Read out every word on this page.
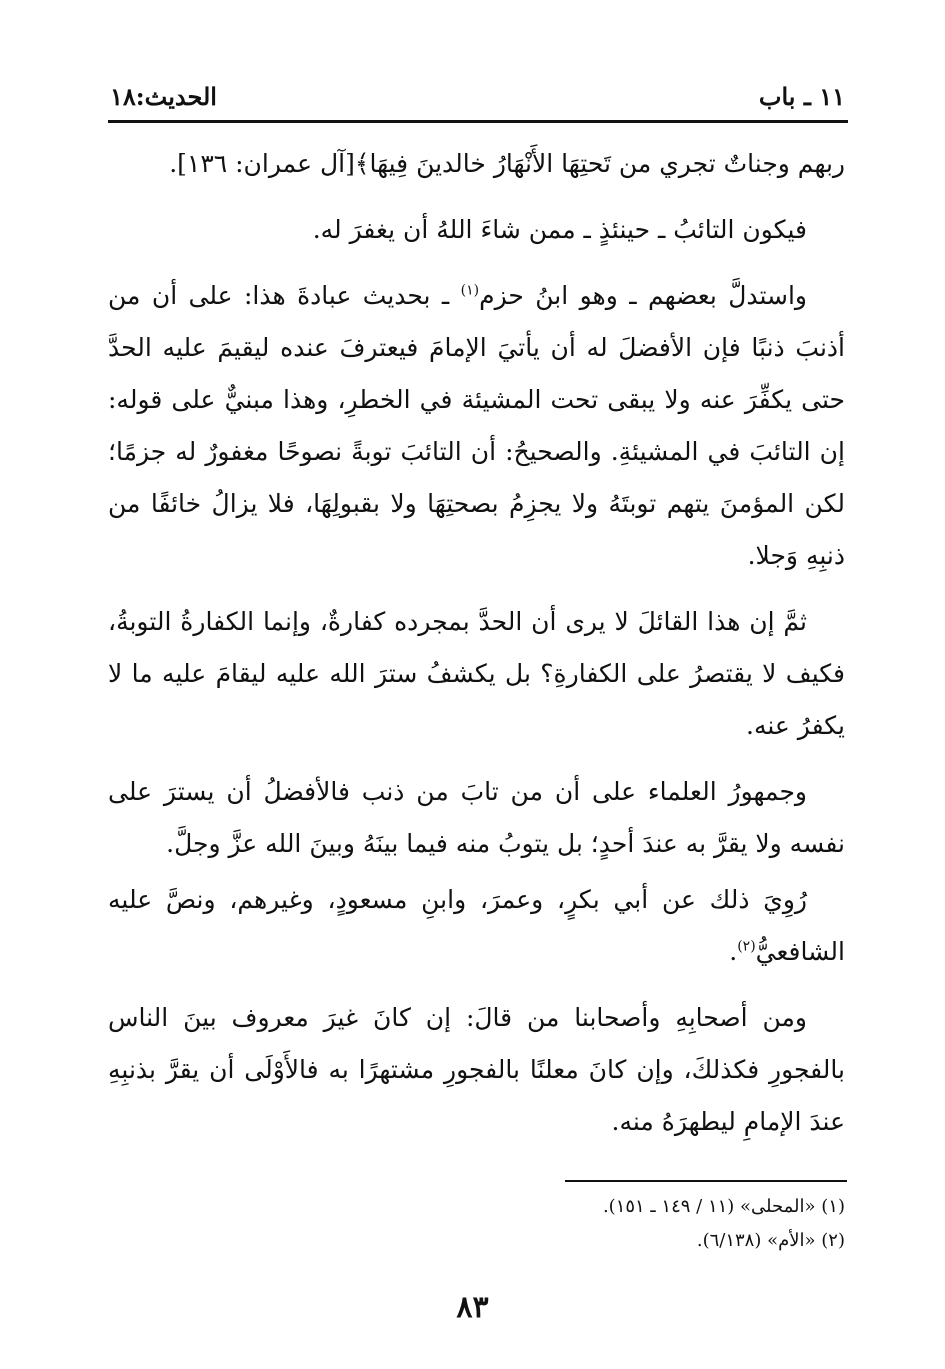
١١ ـ باب
الحديث:١٨

ربهم وجناتٌ تجري من تَحتِهَا الأَنْهَارُ خالدينَ فِيهَا﴾[آل عمران: ١٣٦].

فيكون التائبُ ـ حينئذٍ ـ ممن شاءَ اللهُ أن يغفرَ له.

واستدلَّ بعضهم ـ وهو ابنُ حزم$^{(١)}$ ـ بحديث عبادةَ هذا: على أن من أذنبَ ذنبًا فإن الأفضلَ له أن يأتيَ الإمامَ فيعترفَ عنده ليقيمَ عليه الحدَّ حتى يكفِّرَ عنه ولا يبقى تحت المشيئة في الخطرِ، وهذا مبنيٌّ على قوله: إن التائبَ في المشيئةِ. والصحيحُ: أن التائبَ توبةً نصوحًا مغفورٌ له جزمًا؛ لكن المؤمنَ يتهم توبتَهُ ولا يجزِمُ بصحتِهَا ولا بقبولِهَا، فلا يزالُ خائفًا من ذنبِهِ وَجلا.

ثمَّ إن هذا القائلَ لا يرى أن الحدَّ بمجرده كفارةٌ، وإنما الكفارةُ التوبةُ، فكيف لا يقتصرُ على الكفارةِ؟ بل يكشفُ سترَ الله عليه ليقامَ عليه ما لا يكفرُ عنه.

وجمهورُ العلماء على أن من تابَ من ذنب فالأفضلُ أن يسترَ على نفسه ولا يقرَّ به عندَ أحدٍ؛ بل يتوبُ منه فيما بينَهُ وبينَ الله عزَّ وجلَّ.

رُوِيَ ذلك عن أبي بكرٍ، وعمرَ، وابنِ مسعودٍ، وغيرهم، ونصَّ عليه الشافعيُّ$^{(٢)}$.

ومن أصحابِهِ وأصحابنا من قالَ: إن كانَ غيرَ معروف بينَ الناس بالفجورِ فكذلكَ، وإن كانَ معلنًا بالفجورِ مشتهرًا به فالأَوْلَى أن يقرَّ بذنبِهِ عندَ الإمامِ ليطهرَهُ منه.

(١) «المحلى» (١١ / ١٤٩ ـ ١٥١).
(٢) «الأم» (٦/١٣٨).
٨٣
